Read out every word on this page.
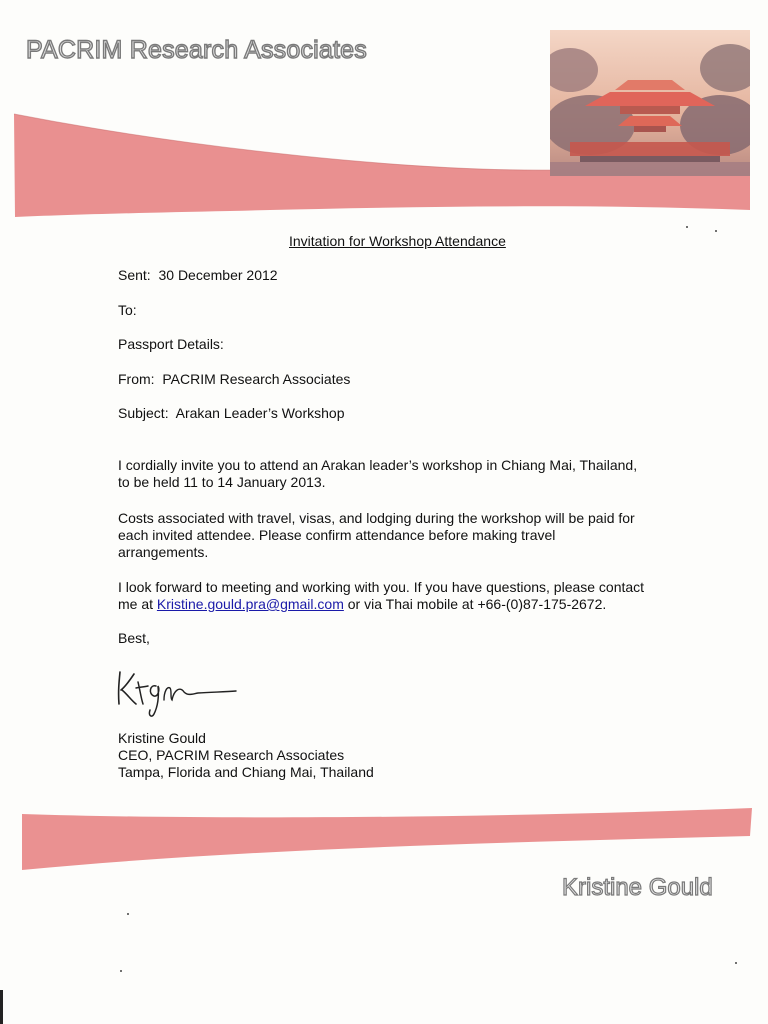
PACRIM Research Associates
Invitation for Workshop Attendance
Sent: 30 December 2012
To:
Passport Details:
From: PACRIM Research Associates
Subject: Arakan Leader’s Workshop
I cordially invite you to attend an Arakan leader’s workshop in Chiang Mai, Thailand,
to be held 11 to 14 January 2013.
Costs associated with travel, visas, and lodging during the workshop will be paid for
each invited attendee. Please confirm attendance before making travel
arrangements.
I look forward to meeting and working with you. If you have questions, please contact
me at Kristine.gould.pra@gmail.com or via Thai mobile at +66-(0)87-175-2672.
Best,
Kristine Gould
CEO, PACRIM Research Associates
Tampa, Florida and Chiang Mai, Thailand
Kristine Gould
